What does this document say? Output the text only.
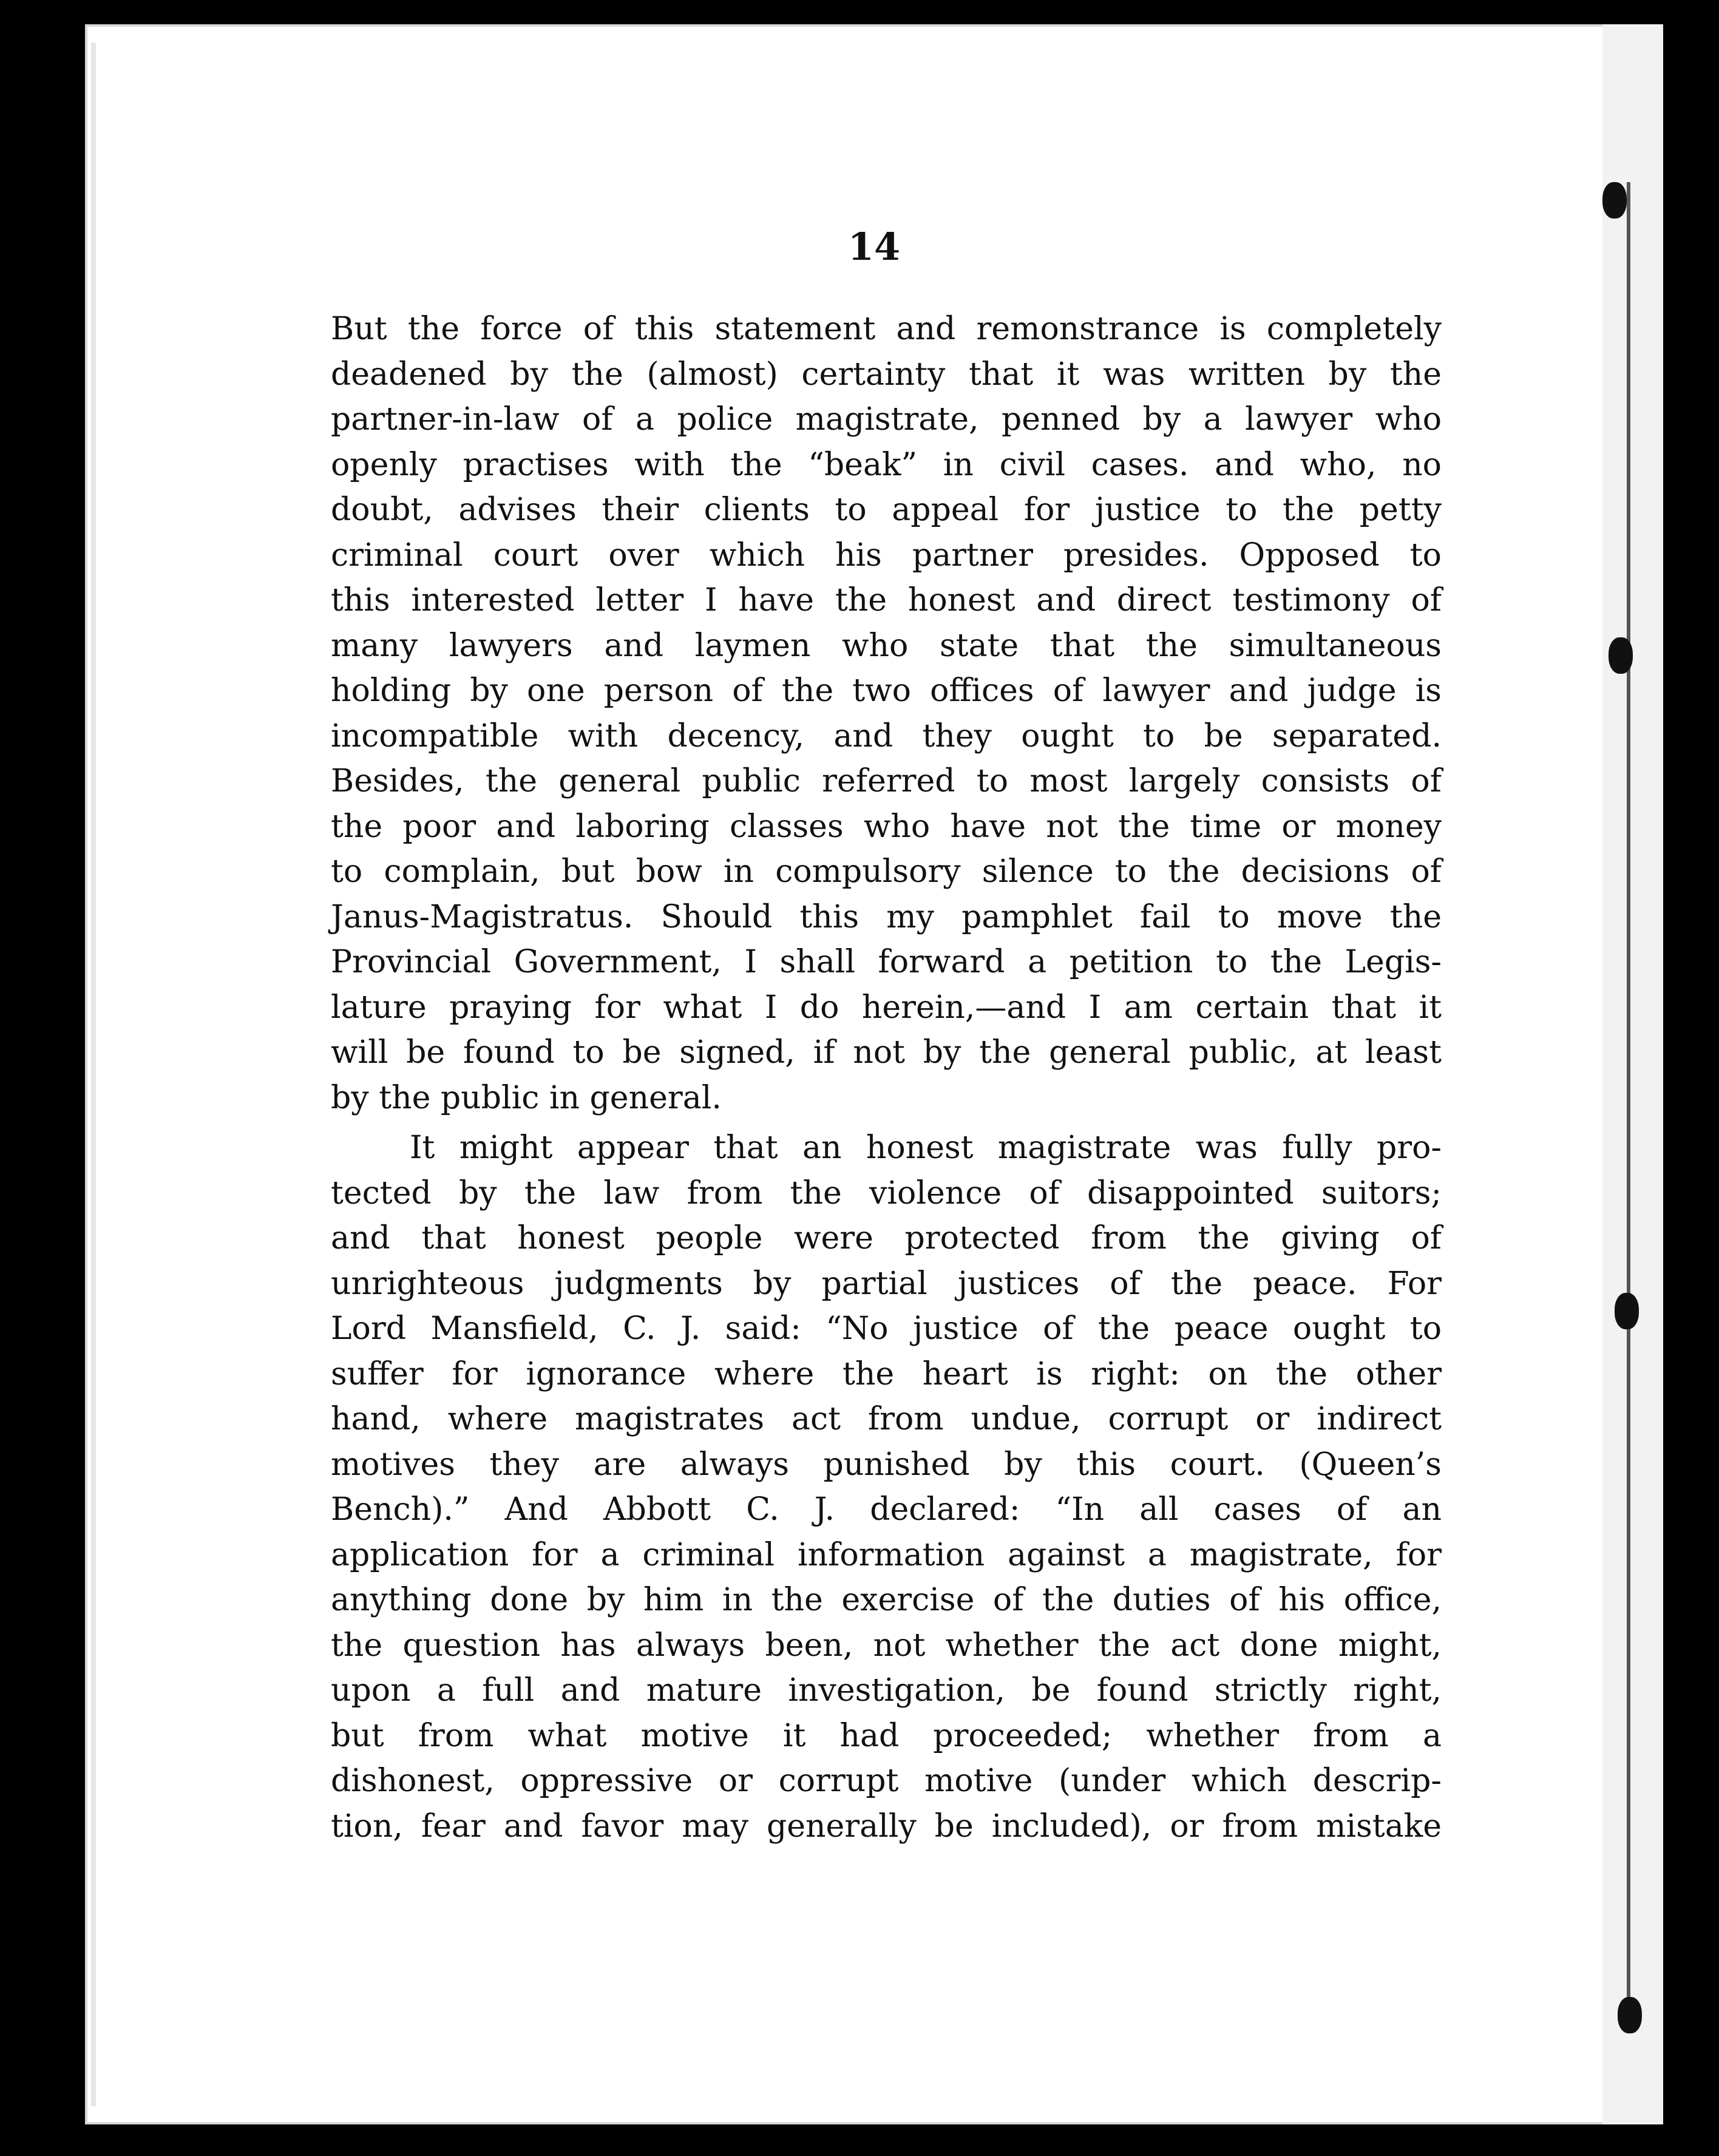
14
But the force of this statement and remonstrance is completely
deadened by the (almost) certainty that it was written by the
partner-in-law of a police magistrate, penned by a lawyer who
openly practises with the “beak” in civil cases. and who, no
doubt, advises their clients to appeal for justice to the petty
criminal court over which his partner presides. Opposed to
this interested letter I have the honest and direct testimony of
many lawyers and laymen who state that the simultaneous
holding by one person of the two offices of lawyer and judge is
incompatible with decency, and they ought to be separated.
Besides, the general public referred to most largely consists of
the poor and laboring classes who have not the time or money
to complain, but bow in compulsory silence to the decisions of
Janus-Magistratus. Should this my pamphlet fail to move the
Provincial Government, I shall forward a petition to the Legis-
lature praying for what I do herein,—and I am certain that it
will be found to be signed, if not by the general public, at least
by the public in general.
It might appear that an honest magistrate was fully pro-
tected by the law from the violence of disappointed suitors;
and that honest people were protected from the giving of
unrighteous judgments by partial justices of the peace. For
Lord Mansfield, C. J. said: “No justice of the peace ought to
suffer for ignorance where the heart is right: on the other
hand, where magistrates act from undue, corrupt or indirect
motives they are always punished by this court. (Queen’s
Bench).” And Abbott C. J. declared: “In all cases of an
application for a criminal information against a magistrate, for
anything done by him in the exercise of the duties of his office,
the question has always been, not whether the act done might,
upon a full and mature investigation, be found strictly right,
but from what motive it had proceeded; whether from a
dishonest, oppressive or corrupt motive (under which descrip-
tion, fear and favor may generally be included), or from mistake
